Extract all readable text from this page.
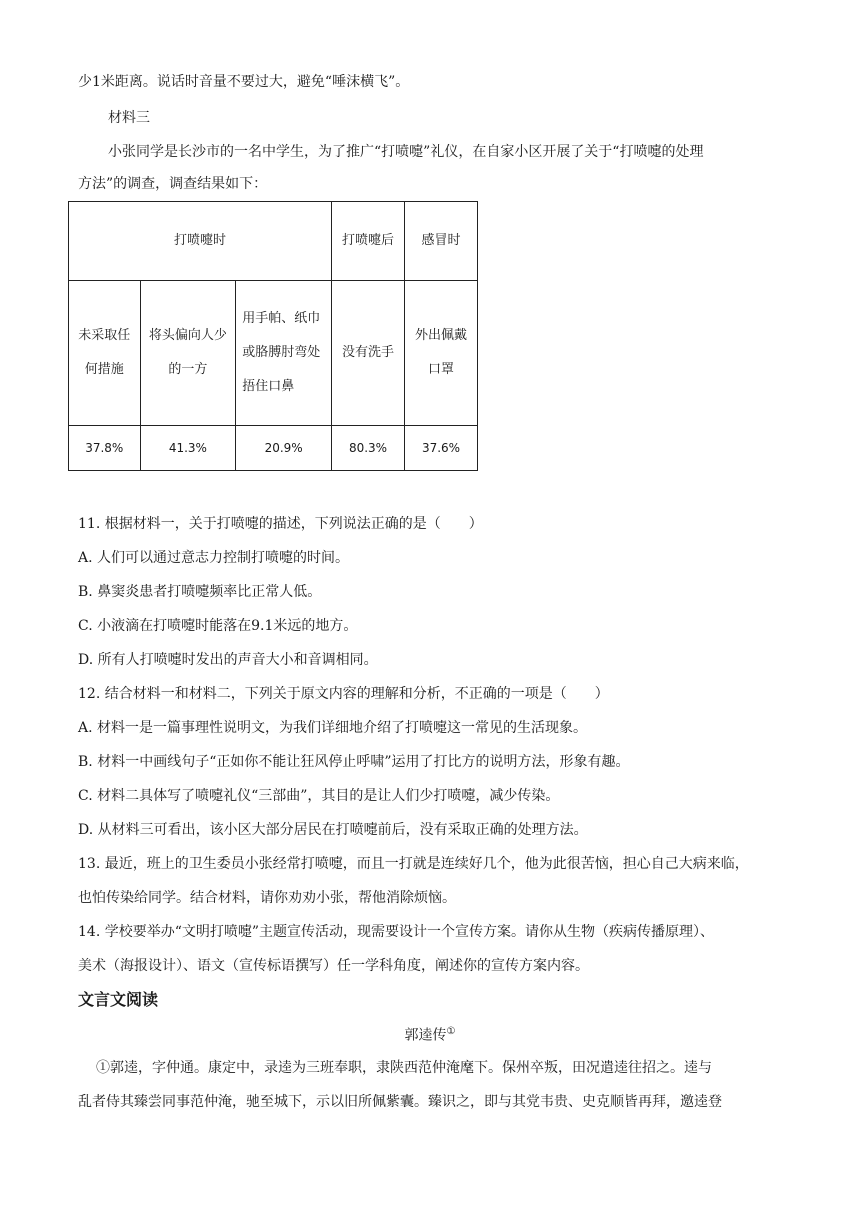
少1米距离。说话时音量不要过大，避免“唾沫横飞”。
材料三
小张同学是长沙市的一名中学生，为了推广“打喷嚏”礼仪，在自家小区开展了关于“打喷嚏的处理
方法”的调查，调查结果如下：
打喷嚏时			打喷嚏后	感冒时
未采取任何措施	将头偏向人少的一方	用手帕、纸巾或胳膊肘弯处捂住口鼻	没有洗手	外出佩戴口罩
37.8%	41.3%	20.9%	80.3%	37.6%
11. 根据材料一，关于打喷嚏的描述，下列说法正确的是（　　）
A. 人们可以通过意志力控制打喷嚏的时间。
B. 鼻窦炎患者打喷嚏频率比正常人低。
C. 小液滴在打喷嚏时能落在9.1米远的地方。
D. 所有人打喷嚏时发出的声音大小和音调相同。
12. 结合材料一和材料二，下列关于原文内容的理解和分析，不正确的一项是（　　）
A. 材料一是一篇事理性说明文，为我们详细地介绍了打喷嚏这一常见的生活现象。
B. 材料一中画线句子“正如你不能让狂风停止呼啸”运用了打比方的说明方法，形象有趣。
C. 材料二具体写了喷嚏礼仪“三部曲”，其目的是让人们少打喷嚏，减少传染。
D. 从材料三可看出，该小区大部分居民在打喷嚏前后，没有采取正确的处理方法。
13. 最近，班上的卫生委员小张经常打喷嚏，而且一打就是连续好几个，他为此很苦恼，担心自己大病来临，
也怕传染给同学。结合材料，请你劝劝小张，帮他消除烦恼。
14. 学校要举办“文明打喷嚏”主题宣传活动，现需要设计一个宣传方案。请你从生物（疾病传播原理）、
美术（海报设计）、语文（宣传标语撰写）任一学科角度，阐述你的宣传方案内容。
文言文阅读
郭逵传①
①郭逵，字仲通。康定中，录逵为三班奉职，隶陕西范仲淹麾下。保州卒叛，田况遣逵往招之。逵与
乱者侍其臻尝同事范仲淹，驰至城下，示以旧所佩紫囊。臻识之，即与其党韦贵、史克顺皆再拜，邀逵登
